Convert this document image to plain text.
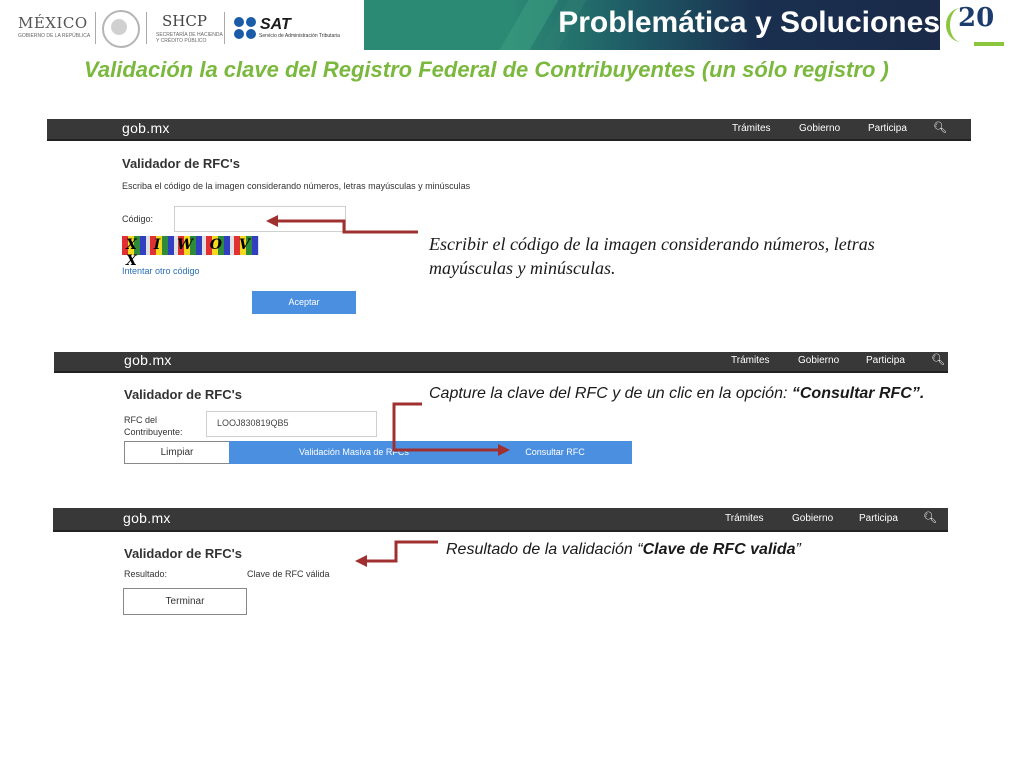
MÉXICO
GOBIERNO DE LA REPÚBLICA
SHCP
SECRETARÍA DE HACIENDA
Y CRÉDITO PÚBLICO
SAT
Servicio de Administración Tributaria	Problemática y Soluciones 20
Validación la clave del Registro Federal de Contribuyentes (un sólo registro )
gob.mx	Trámites	Gobierno	Participa 🔍︎
Validador de RFC's
Escriba el código de la imagen considerando números, letras mayúsculas y minúsculas
Código:
X I W O V X
Intentar otro código
Aceptar
Escribir el código de la imagen considerando números, letras mayúsculas y minúsculas.
gob.mx	Trámites	Gobierno	Participa 🔍︎
Validador de RFC's
RFC del
Contribuyente:
LOOJ830819QB5
Limpiar	Validación Masiva de RFCs	Consultar RFC
Capture la clave del RFC y de un clic en la opción: “Consultar RFC”.
gob.mx	Trámites	Gobierno	Participa 🔍︎
Validador de RFC's
Resultado:	Clave de RFC válida
Terminar
Resultado de la validación “Clave de RFC valida”
